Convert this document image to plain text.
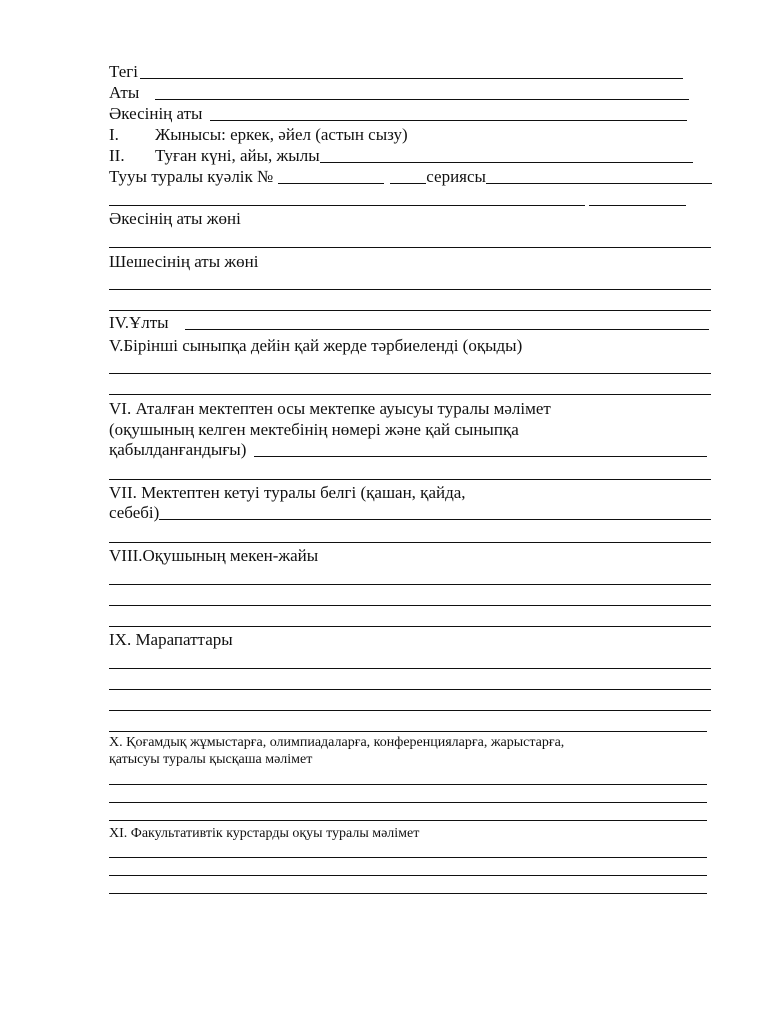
Тегі
Аты
Әкесінің аты
I.	Жынысы: еркек, әйел (астын сызу)
II.	Туған күні, айы, жылы
Тууы туралы куәлік №	сериясы
Әкесінің аты жөні
Шешесінің аты жөні
IV.Ұлты
V.Бірінші сыныпқа дейін қай жерде тәрбиеленді (оқыды)
VI. Аталған мектептен осы мектепке ауысуы туралы мәлімет
(оқушының келген мектебінің нөмері және қай сыныпқа
қабылданғандығы)
VII. Мектептен кетуі туралы белгі (қашан, қайда,
себебі)
VIII.Оқушының мекен-жайы
IX. Марапаттары
X. Қоғамдық жұмыстарға, олимпиадаларға, конференцияларға, жарыстарға,
қатысуы туралы қысқаша мәлімет
XI. Факультативтік курстарды оқуы туралы мәлімет
